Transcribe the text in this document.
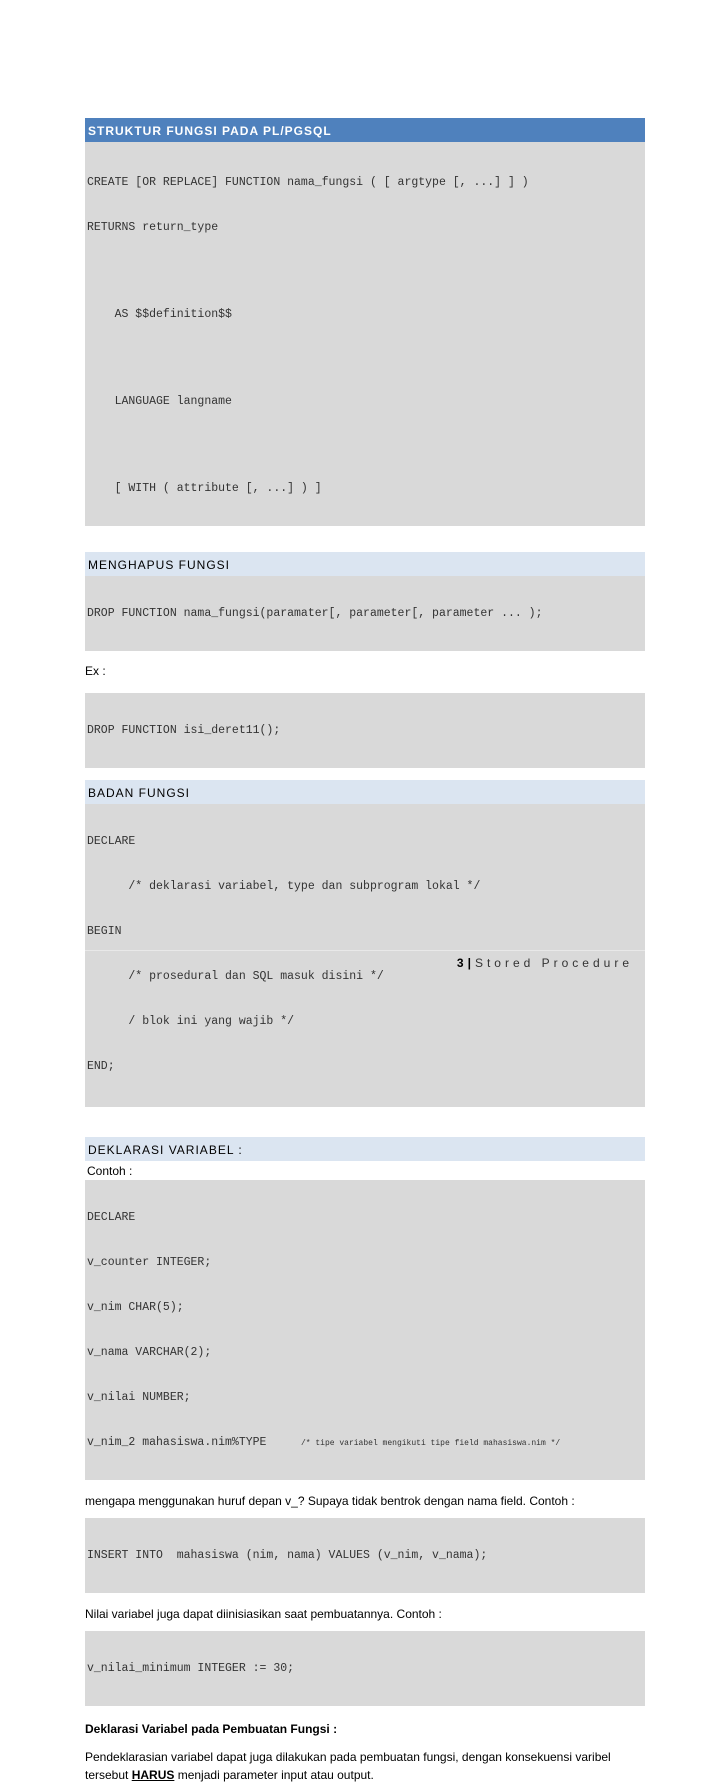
STRUKTUR FUNGSI PADA PL/PGSQL

CREATE [OR REPLACE] FUNCTION nama_fungsi ( [ argtype [, ...] ] )

RETURNS return_type

AS $$definition$$

LANGUAGE langname

[ WITH ( attribute [, ...] ) ]

MENGHAPUS FUNGSI

DROP FUNCTION nama_fungsi(paramater[, parameter[, parameter ... );

Ex :

DROP FUNCTION isi_deret11();

BADAN FUNGSI

DECLARE

/* deklarasi variabel, type dan subprogram lokal */

BEGIN

/* prosedural dan SQL masuk disini */

/ blok ini yang wajib */

END;

DEKLARASI VARIABEL :
Contoh :

DECLARE

v_counter INTEGER;

v_nim CHAR(5);

v_nama VARCHAR(2);

v_nilai NUMBER;

v_nim_2 mahasiswa.nim%TYPE     /* tipe variabel mengikuti tipe field mahasiswa.nim */

mengapa menggunakan huruf depan v_? Supaya tidak bentrok dengan nama field. Contoh :

INSERT INTO  mahasiswa (nim, nama) VALUES (v_nim, v_nama);

Nilai variabel juga dapat diinisiasikan saat pembuatannya. Contoh :

v_nilai_minimum INTEGER := 30;

Deklarasi Variabel pada Pembuatan Fungsi :
Pendeklarasian variabel dapat juga dilakukan pada pembuatan fungsi, dengan konsekuensi varibel
tersebut HARUS menjadi parameter input atau output.
3 | Stored Procedure
